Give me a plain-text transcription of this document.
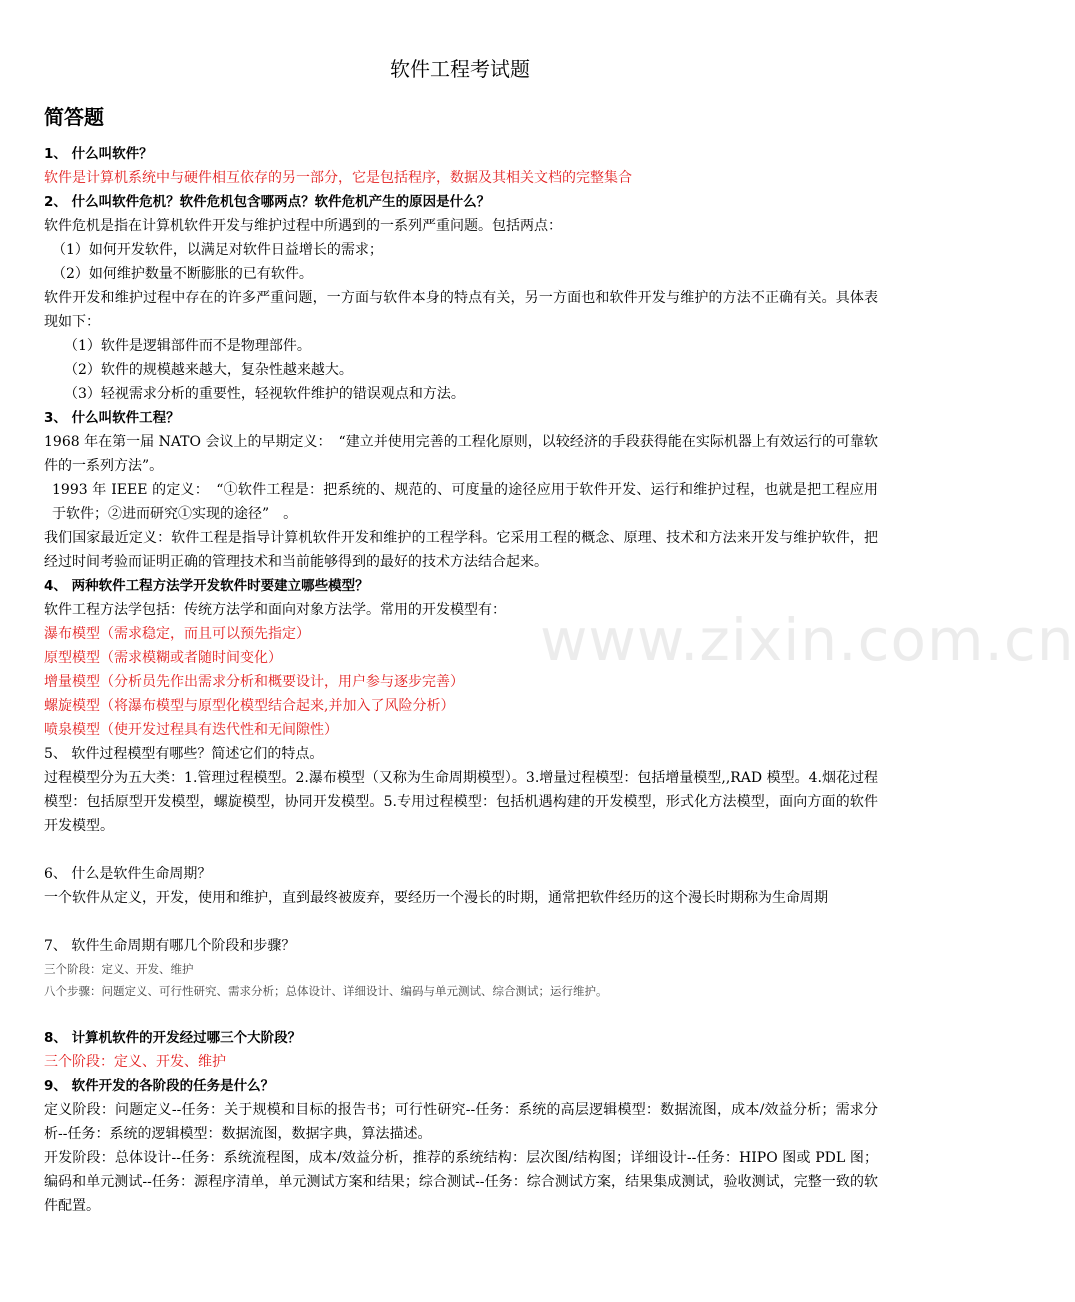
软件工程考试题
简答题

1、 什么叫软件？

软件是计算机系统中与硬件相互依存的另一部分，它是包括程序，数据及其相关文档的完整集合

2、 什么叫软件危机？软件危机包含哪两点？软件危机产生的原因是什么？

软件危机是指在计算机软件开发与维护过程中所遇到的一系列严重问题。包括两点：

（1）如何开发软件，以满足对软件日益增长的需求；

（2）如何维护数量不断膨胀的已有软件。

软件开发和维护过程中存在的许多严重问题，一方面与软件本身的特点有关，另一方面也和软件开发与维护的方法不正确有关。具体表现如下：

（1）软件是逻辑部件而不是物理部件。

（2）软件的规模越来越大，复杂性越来越大。

（3）轻视需求分析的重要性，轻视软件维护的错误观点和方法。

3、 什么叫软件工程？

1968 年在第一届 NATO 会议上的早期定义：　“建立并使用完善的工程化原则，以较经济的手段获得能在实际机器上有效运行的可靠软件的一系列方法”。

1993 年 IEEE 的定义：　“①软件工程是：把系统的、规范的、可度量的途径应用于软件开发、运行和维护过程，也就是把工程应用于软件；②进而研究①实现的途径”　。

我们国家最近定义：软件工程是指导计算机软件开发和维护的工程学科。它采用工程的概念、原理、技术和方法来开发与维护软件，把经过时间考验而证明正确的管理技术和当前能够得到的最好的技术方法结合起来。

4、 两种软件工程方法学开发软件时要建立哪些模型？

软件工程方法学包括：传统方法学和面向对象方法学。常用的开发模型有：

瀑布模型（需求稳定，而且可以预先指定）

原型模型（需求模糊或者随时间变化）

增量模型（分析员先作出需求分析和概要设计，用户参与逐步完善）

螺旋模型（将瀑布模型与原型化模型结合起来,并加入了风险分析）

喷泉模型（使开发过程具有迭代性和无间隙性）

5、 软件过程模型有哪些？简述它们的特点。

过程模型分为五大类：1.管理过程模型。2.瀑布模型（又称为生命周期模型）。3.增量过程模型：包括增量模型,,RAD 模型。4.烟花过程模型：包括原型开发模型，螺旋模型，协同开发模型。5.专用过程模型：包括机遇构建的开发模型，形式化方法模型，面向方面的软件开发模型。

6、 什么是软件生命周期？

一个软件从定义，开发，使用和维护，直到最终被废弃，要经历一个漫长的时期，通常把软件经历的这个漫长时期称为生命周期

7、 软件生命周期有哪几个阶段和步骤？

三个阶段：定义、开发、维护

八个步骤：问题定义、可行性研究、需求分析；总体设计、详细设计、编码与单元测试、综合测试；运行维护。

8、 计算机软件的开发经过哪三个大阶段？

三个阶段：定义、开发、维护

9、 软件开发的各阶段的任务是什么？

定义阶段：问题定义--任务：关于规模和目标的报告书；可行性研究--任务：系统的高层逻辑模型：数据流图，成本/效益分析；需求分析--任务：系统的逻辑模型：数据流图，数据字典，算法描述。

开发阶段：总体设计--任务：系统流程图，成本/效益分析，推荐的系统结构：层次图/结构图；详细设计--任务：HIPO 图或 PDL 图；编码和单元测试--任务：源程序清单，单元测试方案和结果；综合测试--任务：综合测试方案，结果集成测试，验收测试，完整一致的软件配置。

www.zixin.com.cn
